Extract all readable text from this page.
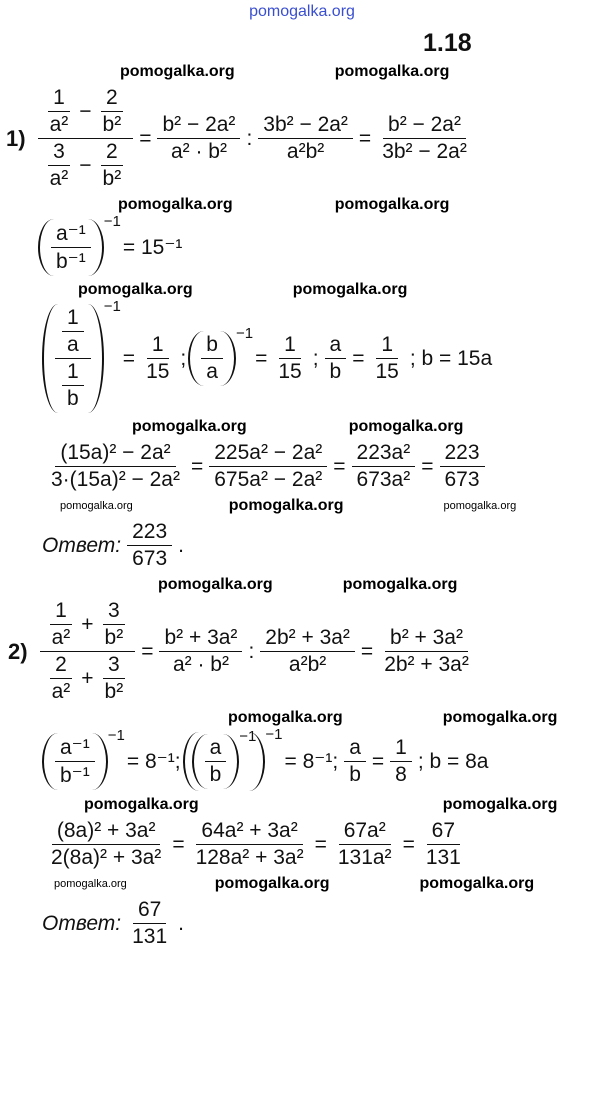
pomogalka.org
1.18
pomogalka.org	pomogalka.org
$1) \frac{\frac{1}{\text{a²}} - \frac{2}{\text{b²}}}{\frac{3}{\text{a²}} - \frac{2}{\text{b²}}} = \frac{\text{b² − 2a²}}{\text{a² · b²}}$ : $\frac{\text{3b² − 2a²}}{\text{a²b²}} = \frac{\text{b² − 2a²}}{\text{3b² − 2a²}}$
pomogalka.org	pomogalka.org
$\frac{\text{a⁻¹}}{\text{b⁻¹}} -1$
= 15⁻¹
pomogalka.org	pomogalka.org
$\frac{\frac{1}{a}}{\frac{1}{b}} -1$
= $\frac{1}{15}$ ; $\frac{b}{a} -1$
= $\frac{1}{15}$ ; $\frac{a}{b} = \frac{1}{15}$ ; b = 15a
pomogalka.org	pomogalka.org
$\frac{\text{(15a)² − 2a²}}{\text{3·(15a)² − 2a²}} = \frac{\text{225a² − 2a²}}{\text{675a² − 2a²}} = \frac{\text{223a²}}{\text{673a²}} = \frac{223}{673}$
pomogalka.org	pomogalka.org	pomogalka.org
Ответ: $\frac{223}{673}$ .
pomogalka.org	pomogalka.org
$2) \frac{\frac{1}{\text{a²}} + \frac{3}{\text{b²}}}{\frac{2}{\text{a²}} + \frac{3}{\text{b²}}} = \frac{\text{b² + 3a²}}{\text{a² · b²}}$ : $\frac{\text{2b² + 3a²}}{\text{a²b²}} = \frac{\text{b² + 3a²}}{\text{2b² + 3a²}}$
pomogalka.org	pomogalka.org
$\frac{\text{a⁻¹}}{\text{b⁻¹}} -1$
= 8⁻¹; $\frac{a}{b} -1 -1$
= 8⁻¹; $\frac{a}{b} = \frac{1}{8}$ ; b = 8a
pomogalka.org	pomogalka.org
$\frac{\text{(8a)² + 3a²}}{\text{2(8a)² + 3a²}} = \frac{\text{64a² + 3a²}}{\text{128a² + 3a²}} = \frac{\text{67a²}}{\text{131a²}} = \frac{67}{131}$
pomogalka.org	pomogalka.org	pomogalka.org
Ответ: $\frac{67}{131}$ .
